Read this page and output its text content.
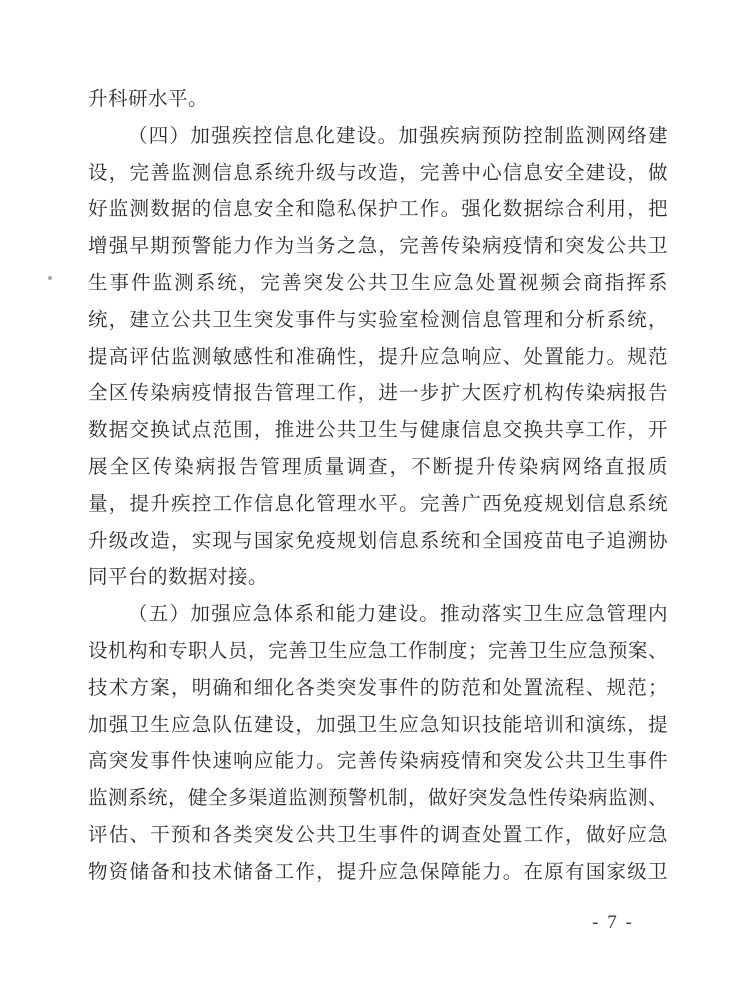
升科研水平。
（四）加强疾控信息化建设。加强疾病预防控制监测网络建
设，完善监测信息系统升级与改造，完善中心信息安全建设，做
好监测数据的信息安全和隐私保护工作。强化数据综合利用，把
增强早期预警能力作为当务之急，完善传染病疫情和突发公共卫
生事件监测系统，完善突发公共卫生应急处置视频会商指挥系
统，建立公共卫生突发事件与实验室检测信息管理和分析系统，
提高评估监测敏感性和准确性，提升应急响应、处置能力。规范
全区传染病疫情报告管理工作，进一步扩大医疗机构传染病报告
数据交换试点范围，推进公共卫生与健康信息交换共享工作，开
展全区传染病报告管理质量调查，不断提升传染病网络直报质
量，提升疾控工作信息化管理水平。完善广西免疫规划信息系统
升级改造，实现与国家免疫规划信息系统和全国疫苗电子追溯协
同平台的数据对接。
（五）加强应急体系和能力建设。推动落实卫生应急管理内
设机构和专职人员，完善卫生应急工作制度；完善卫生应急预案、
技术方案，明确和细化各类突发事件的防范和处置流程、规范；
加强卫生应急队伍建设，加强卫生应急知识技能培训和演练，提
高突发事件快速响应能力。完善传染病疫情和突发公共卫生事件
监测系统，健全多渠道监测预警机制，做好突发急性传染病监测、
评估、干预和各类突发公共卫生事件的调查处置工作，做好应急
物资储备和技术储备工作，提升应急保障能力。在原有国家级卫
- 7 -
